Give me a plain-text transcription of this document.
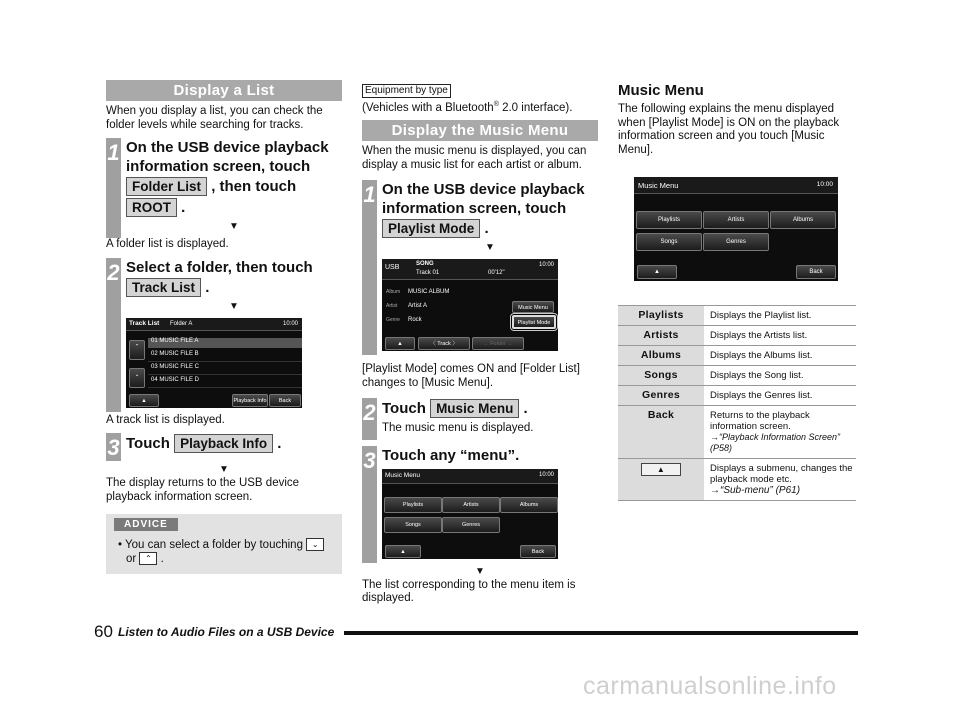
Display a List

When you display a list, you can check the folder levels while searching for tracks.

1 On the USB device playback information screen, touch
Folder List , then touch ROOT .
▼

A folder list is displayed.

2 Select a folder, then touch
Track List .
▼
Track List Folder A	10:00
⌃
⌄
01 MUSIC FILE A
02 MUSIC FILE B
03 MUSIC FILE C
04 MUSIC FILE D
▲	Playback Info	Back

A track list is displayed.

3 Touch Playback Info .
▼

The display returns to the USB device playback information screen.

ADVICE
• You can select a folder by touching ⌄
or ⌃ .
Equipment by type

(Vehicles with a Bluetooth® 2.0 interface).

Display the Music Menu

When the music menu is displayed, you can display a music list for each artist or album.

1 On the USB device playback information screen, touch
Playlist Mode .
▼
USB	SONG
Track 01	00'12"
10:00
Album MUSIC ALBUM
Artist Artist A
Genre Rock
Music Menu
Playlist Mode
▲	〈 Track 〉	← Folder →

[Playlist Mode] comes ON and [Folder List] changes to [Music Menu].

2 Touch Music Menu .

The music menu is displayed.

3 Touch any “menu”.
Music Menu	10:00
Playlists	Artists	Albums
Songs	Genres
▲	Back
▼

The list corresponding to the menu item is displayed.

Music Menu

The following explains the menu displayed when [Playlist Mode] is ON on the playback information screen and you touch [Music Menu].

Music Menu	10:00
Playlists	Artists	Albums
Songs	Genres
▲	Back
Playlists	Displays the Playlist list.
Artists	Displays the Artists list.
Albums	Displays the Albums list.
Songs	Displays the Song list.
Genres	Displays the Genres list.
Back	Returns to the playback information screen.
→“Playback Information Screen” (P58)

▲	Displays a submenu, changes the playback mode etc.
→“Sub-menu” (P61)
60 Listen to Audio Files on a USB Device
carmanualsonline.info
